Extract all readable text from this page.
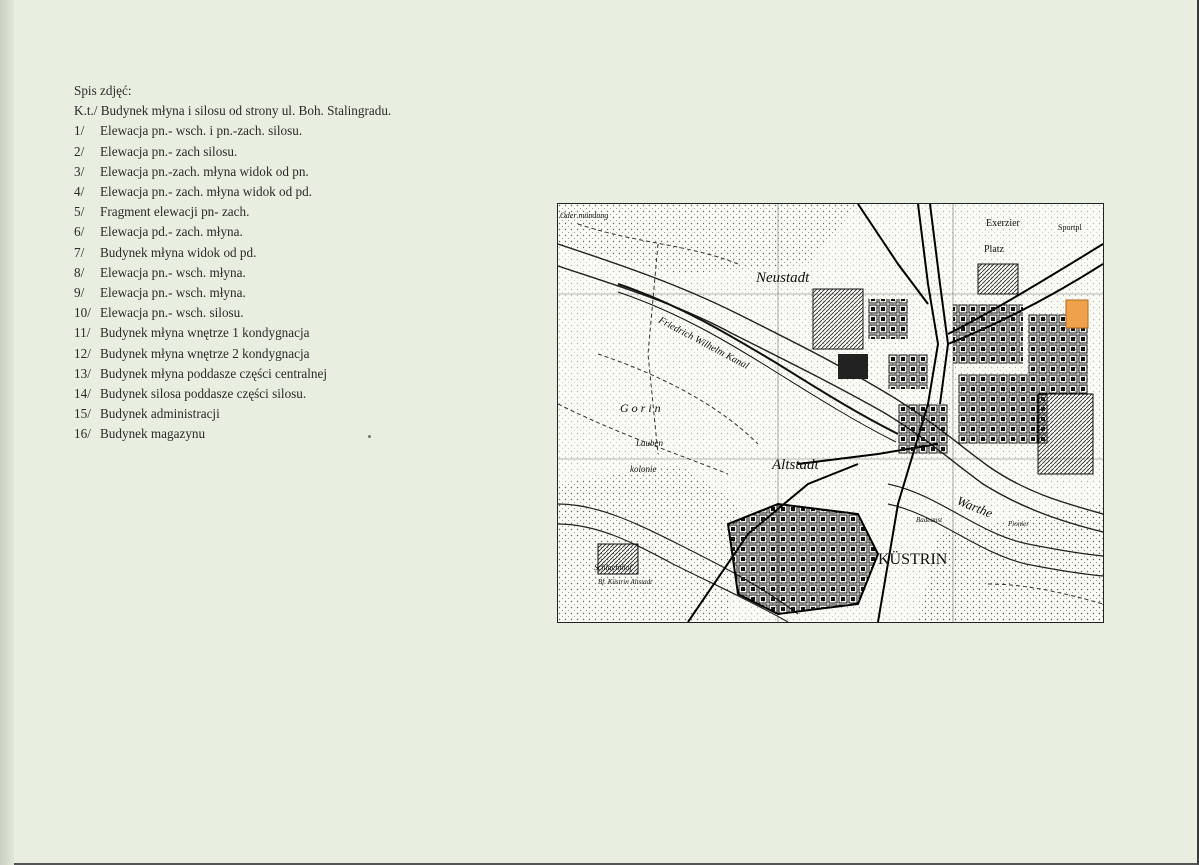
Spis zdjęć:
K.t./ Budynek młyna i silosu od strony ul. Boh. Stalingradu.
1/ Elewacja pn.- wsch. i pn.-zach. silosu.
2/ Elewacja pn.- zach silosu.
3/ Elewacja pn.-zach. młyna widok od pn.
4/ Elewacja pn.- zach. młyna widok od pd.
5/ Fragment elewacji pn- zach.
6/ Elewacja pd.- zach. młyna.
7/ Budynek młyna widok od pd.
8/ Elewacja pn.- wsch. młyna.
9/ Elewacja pn.- wsch. młyna.
10/ Elewacja pn.- wsch. silosu.
11/ Budynek młyna wnętrze 1 kondygnacja
12/ Budynek młyna wnętrze 2 kondygnacja
13/ Budynek młyna poddasze części centralnej
14/ Budynek silosa poddasze części silosu.
15/ Budynek administracji
16/ Budynek magazynu
Neustadt
Altstadt
KÜSTRIN
G o r i n
Lauben
kolonie
Warthe
Friedrich Wilhelm Kanal
Exerzier
Platz
Sportpl
Oder mündung
Schlachthof
Bf. Küstrin Altstadt
Badeanst	Pionier
